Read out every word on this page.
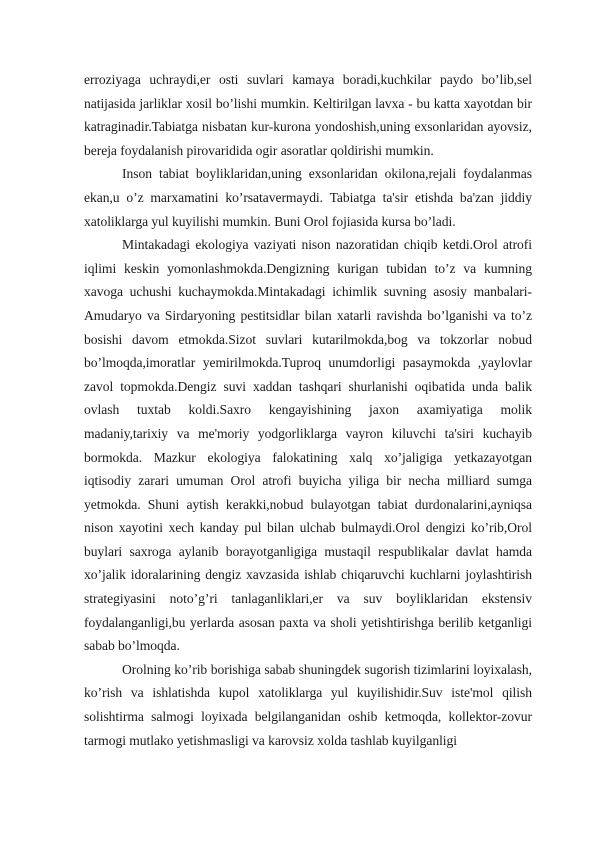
erroziyaga uchraydi,er osti suvlari kamaya boradi,kuchkilar paydo bo’lib,sel natijasida jarliklar xosil bo’lishi mumkin. Keltirilgan lavxa - bu katta xayotdan bir katraginadir.Tabiatga nisbatan kur-kurona yondoshish,uning exsonlaridan ayovsiz, bereja foydalanish pirovaridida ogir asoratlar qoldirishi mumkin.

Inson tabiat boyliklaridan,uning exsonlaridan okilona,rejali foydalanmas ekan,u o’z marxamatini ko’rsatavermaydi. Tabiatga ta'sir etishda ba'zan jiddiy xatoliklarga yul kuyilishi mumkin. Buni Orol fojiasida kursa bo’ladi.

Mintakadagi ekologiya vaziyati nison nazoratidan chiqib ketdi.Orol atrofi iqlimi keskin yomonlashmokda.Dengizning kurigan tubidan to’z va kumning xavoga uchushi kuchaymokda.Mintakadagi ichimlik suvning asosiy manbalari-Amudaryo va Sirdaryoning pestitsidlar bilan xatarli ravishda bo’lganishi va to’z bosishi davom etmokda.Sizot suvlari kutarilmokda,bog va tokzorlar nobud bo’lmoqda,imoratlar yemirilmokda.Tuproq unumdorligi pasaymokda ,yaylovlar zavol topmokda.Dengiz suvi xaddan tashqari shurlanishi oqibatida unda balik ovlash tuxtab koldi.Saxro kengayishining jaxon axamiyatiga molik madaniy,tarixiy va me'moriy yodgorliklarga vayron kiluvchi ta'siri kuchayib bormokda. Mazkur ekologiya falokatining xalq xo’jaligiga yetkazayotgan iqtisodiy zarari umuman Orol atrofi buyicha yiliga bir necha milliard sumga yetmokda. Shuni aytish kerakki,nobud bulayotgan tabiat durdonalarini,ayniqsa nison xayotini xech kanday pul bilan ulchab bulmaydi.Orol dengizi ko’rib,Orol buylari saxroga aylanib borayotganligiga mustaqil respublikalar davlat hamda xo’jalik idoralarining dengiz xavzasida ishlab chiqaruvchi kuchlarni joylashtirish strategiyasini noto’g’ri tanlaganliklari,er va suv boyliklaridan ekstensiv foydalanganligi,bu yerlarda asosan paxta va sholi yetishtirishga berilib ketganligi sabab bo’lmoqda.

Orolning ko’rib borishiga sabab shuningdek sugorish tizimlarini loyixalash, ko’rish va ishlatishda kupol xatoliklarga yul kuyilishidir.Suv iste'mol qilish solishtirma salmogi loyixada belgilanganidan oshib ketmoqda, kollektor-zovur tarmogi mutlako yetishmasligi va karovsiz xolda tashlab kuyilganligi
